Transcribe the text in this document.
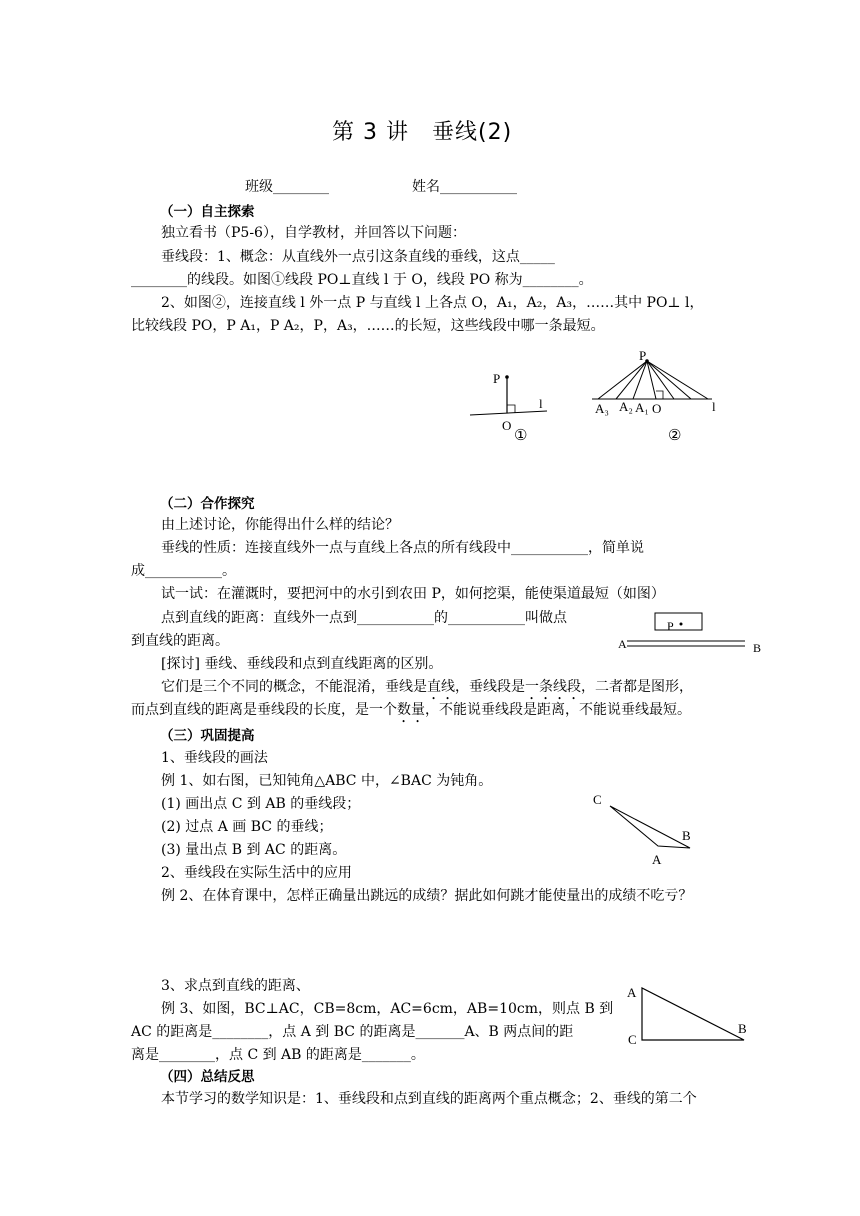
第 3 讲　垂线(2)
班级________	姓名___________
（一）自主探索
独立看书（P5-6），自学教材，并回答以下问题：
垂线段：1、概念：从直线外一点引这条直线的垂线，这点_____
________的线段。如图①线段 PO⊥直线 l 于 O，线段 PO 称为________。
2、如图②，连接直线 l 外一点 P 与直线 l 上各点 O，A₁，A₂，A₃，……其中 PO⊥ l，
比较线段 PO，P A₁，P A₂，P，A₃，……的长短，这些线段中哪一条最短。
P
l
O
①
P
A₃ A₂ A₁ O	l
②
（二）合作探究
由上述讨论，你能得出什么样的结论？
垂线的性质：连接直线外一点与直线上各点的所有线段中___________，简单说
成___________。
试一试：在灌溉时，要把河中的水引到农田 P，如何挖渠，能使渠道最短（如图）
点到直线的距离：直线外一点到___________的___________叫做点
到直线的距离。
[探讨] 垂线、垂线段和点到直线距离的区别。
它们是三个不同的概念，不能混淆，垂线是直线，垂线段是一条线段，二者都是图形，
而点到直线的距离是垂线段的长度，是一个数量，不能说垂线段是距离，不能说垂线最短。
P
A	B
（三）巩固提高
1、垂线段的画法
例 1、如右图，已知钝角△ABC 中，∠BAC 为钝角。
(1) 画出点 C 到 AB 的垂线段；
(2) 过点 A 画 BC 的垂线；
(3) 量出点 B 到 AC 的距离。
2、垂线段在实际生活中的应用
例 2、在体育课中，怎样正确量出跳远的成绩？据此如何跳才能使量出的成绩不吃亏？
C
B
A
3、求点到直线的距离、
例 3、如图，BC⊥AC，CB=8cm，AC=6cm，AB=10cm，则点 B 到
AC 的距离是________，点 A 到 BC 的距离是_______A、B 两点间的距
离是________，点 C 到 AB 的距离是_______。
A
C
B
（四）总结反思
本节学习的数学知识是：1、垂线段和点到直线的距离两个重点概念；2、垂线的第二个
